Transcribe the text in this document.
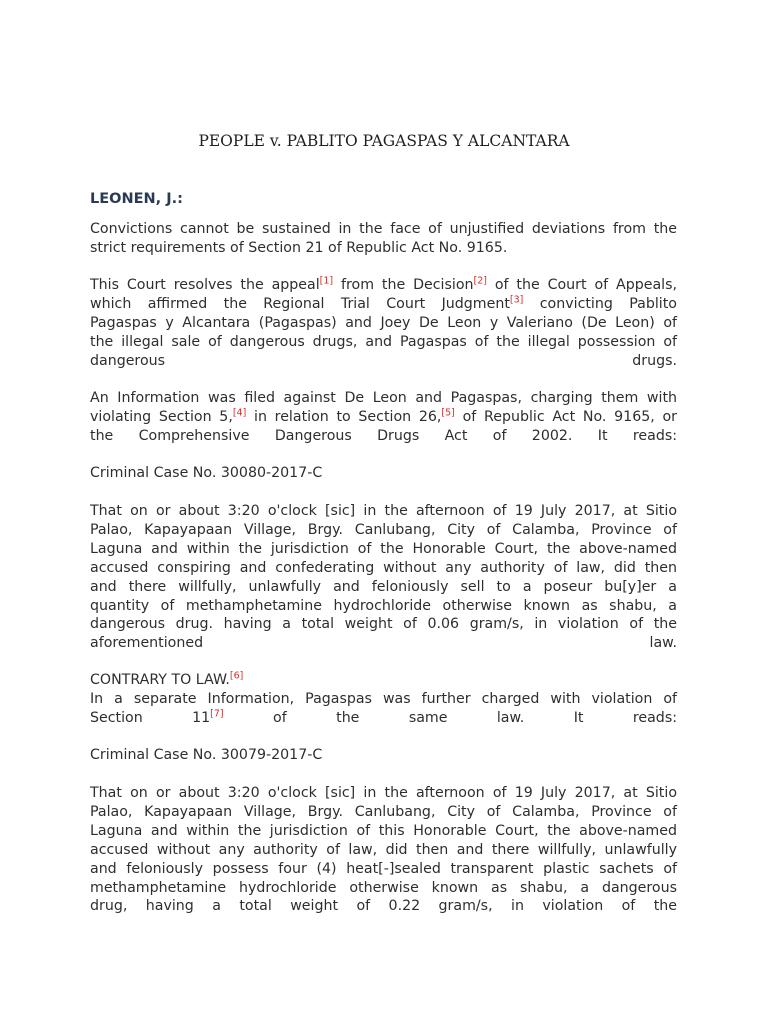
PEOPLE v. PABLITO PAGASPAS Y ALCANTARA
LEONEN, J.:
Convictions cannot be sustained in the face of unjustified deviations from the
strict requirements of Section 21 of Republic Act No. 9165.
This Court resolves the appeal[1] from the Decision[2] of the Court of Appeals,
which affirmed the Regional Trial Court Judgment[3] convicting Pablito
Pagaspas y Alcantara (Pagaspas) and Joey De Leon y Valeriano (De Leon) of
the illegal sale of dangerous drugs, and Pagaspas of the illegal possession of
dangerous drugs.
An Information was filed against De Leon and Pagaspas, charging them with
violating Section 5,[4] in relation to Section 26,[5] of Republic Act No. 9165, or
the Comprehensive Dangerous Drugs Act of 2002. It reads:
Criminal Case No. 30080-2017-C
That on or about 3:20 o'clock [sic] in the afternoon of 19 July 2017, at Sitio
Palao, Kapayapaan Village, Brgy. Canlubang, City of Calamba, Province of
Laguna and within the jurisdiction of the Honorable Court, the above-named
accused conspiring and confederating without any authority of law, did then
and there willfully, unlawfully and feloniously sell to a poseur bu[y]er a
quantity of methamphetamine hydrochloride otherwise known as shabu, a
dangerous drug. having a total weight of 0.06 gram/s, in violation of the
aforementioned law.
CONTRARY TO LAW.[6]
In a separate Information, Pagaspas was further charged with violation of
Section 11[7] of the same law. It reads:
Criminal Case No. 30079-2017-C
That on or about 3:20 o'clock [sic] in the afternoon of 19 July 2017, at Sitio
Palao, Kapayapaan Village, Brgy. Canlubang, City of Calamba, Province of
Laguna and within the jurisdiction of this Honorable Court, the above-named
accused without any authority of law, did then and there willfully, unlawfully
and feloniously possess four (4) heat[-]sealed transparent plastic sachets of
methamphetamine hydrochloride otherwise known as shabu, a dangerous
drug, having a total weight of 0.22 gram/s, in violation of the
